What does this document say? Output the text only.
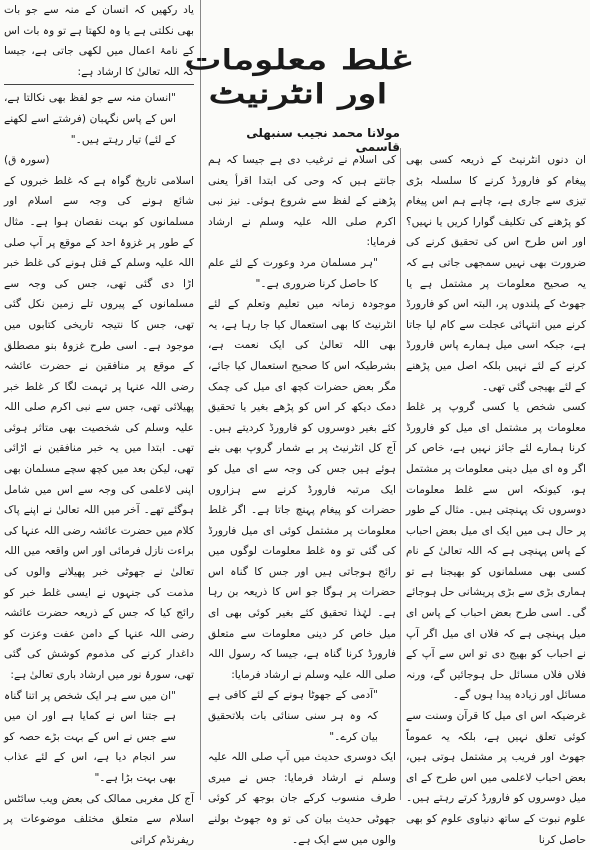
یاد رکھیں کہ انسان کے منہ سے جو بات بھی نکلتی ہے یا وہ لکھتا ہے تو وہ بات اس کے نامۂ اعمال میں لکھی جاتی ہے، جیسا کہ اللہ تعالیٰ کا ارشاد ہے:

"انسان منہ سے جو لفظ بھی نکالتا ہے، اس کے پاس نگہبان (فرشتے اسے لکھنے کے لئے) تیار رہتے ہیں۔"

(سورہ ق)

اسلامی تاریخ گواہ ہے کہ غلط خبروں کے شائع ہونے کی وجہ سے اسلام اور مسلمانوں کو بہت نقصان ہوا ہے۔ مثال کے طور پر غزوۂ احد کے موقع پر آپ صلی اللہ علیہ وسلم کے قتل ہونے کی غلط خبر اڑا دی گئی تھی، جس کی وجہ سے مسلمانوں کے پیروں تلے زمین نکل گئی تھی، جس کا نتیجہ تاریخی کتابوں میں موجود ہے۔ اسی طرح غزوۂ بنو مصطلق کے موقع پر منافقین نے حضرت عائشہ رضی اللہ عنہا پر تہمت لگا کر غلط خبر پھیلائی تھی، جس سے نبی اکرم صلی اللہ علیہ وسلم کی شخصیت بھی متاثر ہوئی تھی۔ ابتدا میں یہ خبر منافقین نے اڑائی تھی، لیکن بعد میں کچھ سچے مسلمان بھی اپنی لاعلمی کی وجہ سے اس میں شامل ہوگئے تھے۔ آخر میں اللہ تعالیٰ نے اپنے پاک کلام میں حضرت عائشہ رضی اللہ عنہا کی براءت نازل فرمائی اور اس واقعہ میں اللہ تعالیٰ نے جھوٹی خبر پھیلانے والوں کی مذمت کی جنہوں نے ایسی غلط خبر کو رائج کیا کہ جس کے ذریعہ حضرت عائشہ رضی اللہ عنہا کے دامن عفت وعزت کو داغدار کرنے کی مذموم کوشش کی گئی تھی، سورۂ نور میں ارشاد باری تعالیٰ ہے:

"ان میں سے ہر ایک شخص پر اتنا گناہ ہے جتنا اس نے کمایا ہے اور ان میں سے جس نے اس کے بہت بڑے حصہ کو سر انجام دیا ہے، اس کے لئے عذاب بھی بہت بڑا ہے۔"

آج کل مغربی ممالک کی بعض ویب سائٹس اسلام سے متعلق مختلف موضوعات پر ریفرنڈم کراتی

غلط معلومات اور انٹرنیٹ
مولانا محمد نجیب سنبھلی قاسمی

کی اسلام نے ترغیب دی ہے جیسا کہ ہم جانتے ہیں کہ وحی کی ابتدا اقرأ یعنی پڑھنے کے لفظ سے شروع ہوئی۔ نیز نبی اکرم صلی اللہ علیہ وسلم نے ارشاد فرمایا:

"ہر مسلمان مرد وعورت کے لئے علم کا حاصل کرنا ضروری ہے۔"

موجودہ زمانہ میں تعلیم وتعلم کے لئے انٹرنیٹ کا بھی استعمال کیا جا رہا ہے، یہ بھی اللہ تعالیٰ کی ایک نعمت ہے، بشرطیکہ اس کا صحیح استعمال کیا جائے، مگر بعض حضرات کچھ ای میل کی چمک دمک دیکھ کر اس کو پڑھے بغیر یا تحقیق کئے بغیر دوسروں کو فارورڈ کردیتے ہیں۔ آج کل انٹرنیٹ پر بے شمار گروپ بھی بنے ہوئے ہیں جس کی وجہ سے ای میل کو ایک مرتبہ فارورڈ کرنے سے ہزاروں حضرات کو پیغام پہنچ جاتا ہے۔ اگر غلط معلومات پر مشتمل کوئی ای میل فارورڈ کی گئی تو وہ غلط معلومات لوگوں میں رائج ہوجاتی ہیں اور جس کا گناہ اس حضرات پر ہوگا جو اس کا ذریعہ بن رہا ہے۔ لہٰذا تحقیق کئے بغیر کوئی بھی ای میل خاص کر دینی معلومات سے متعلق فارورڈ کرنا گناہ ہے، جیسا کہ رسول اللہ صلی اللہ علیہ وسلم نے ارشاد فرمایا:

"آدمی کے جھوٹا ہونے کے لئے کافی ہے کہ وہ ہر سنی سنائی بات بلاتحقیق بیان کرے۔"

ایک دوسری حدیث میں آپ صلی اللہ علیہ وسلم نے ارشاد فرمایا: جس نے میری طرف منسوب کرکے جان بوجھ کر کوئی جھوٹی حدیث بیان کی تو وہ جھوٹ بولنے والوں میں سے ایک ہے۔

ان دنوں انٹرنیٹ کے ذریعہ کسی بھی پیغام کو فارورڈ کرنے کا سلسلہ بڑی تیزی سے جاری ہے، چاہے ہم اس پیغام کو پڑھنے کی تکلیف گوارا کریں یا نہیں؟ اور اس طرح اس کی تحقیق کرنے کی ضرورت بھی نہیں سمجھی جاتی ہے کہ یہ صحیح معلومات پر مشتمل ہے یا جھوٹ کے پلندوں پر، البتہ اس کو فارورڈ کرنے میں انتہائی عجلت سے کام لیا جاتا ہے، جبکہ اسی میل ہمارے پاس فارورڈ کرنے کے لئے نہیں بلکہ اصل میں پڑھنے کے لئے بھیجی گئی تھی۔

کسی شخص یا کسی گروپ پر غلط معلومات پر مشتمل ای میل کو فارورڈ کرنا ہمارے لئے جائز نہیں ہے، خاص کر اگر وہ ای میل دینی معلومات پر مشتمل ہو، کیونکہ اس سے غلط معلومات دوسروں تک پہنچتی ہیں۔ مثال کے طور پر حال ہی میں ایک ای میل بعض احباب کے پاس پہنچی ہے کہ اللہ تعالیٰ کے نام کسی بھی مسلمانوں کو بھیجنا ہے تو ہماری بڑی سے بڑی پریشانی حل ہوجائے گی۔ اسی طرح بعض احباب کے پاس ای میل پہنچی ہے کہ فلاں ای میل اگر آپ نے احباب کو بھیج دی تو اس سے آپ کے فلاں فلاں مسائل حل ہوجائیں گے، ورنہ مسائل اور زیادہ پیدا ہوں گے۔

غرضیکہ اس ای میل کا قرآن وسنت سے کوئی تعلق نہیں ہے، بلکہ یہ عموماً جھوٹ اور فریب پر مشتمل ہوتی ہیں، بعض احباب لاعلمی میں اس طرح کے ای میل دوسروں کو فارورڈ کرتے رہتے ہیں۔ علوم نبوت کے ساتھ دنیاوی علوم کو بھی حاصل کرنا
